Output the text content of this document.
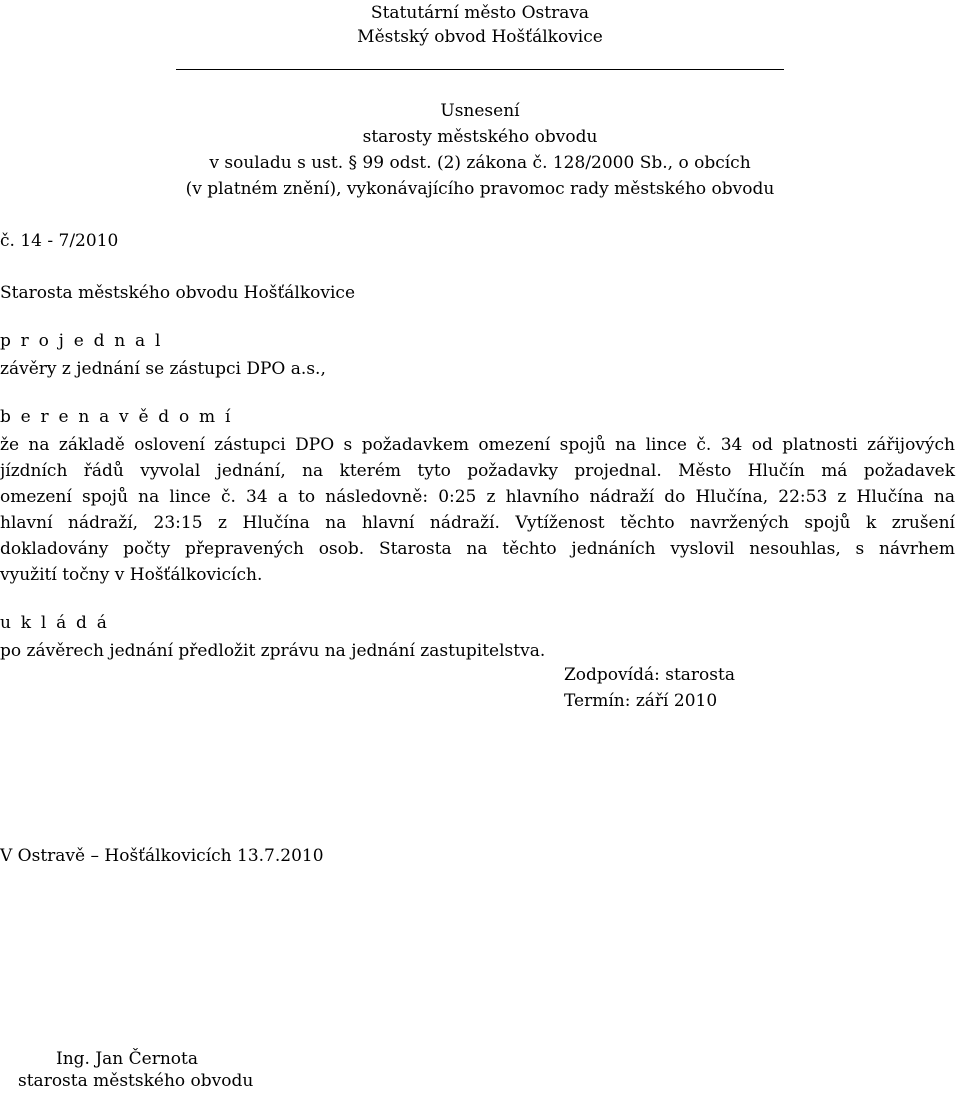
Statutární město Ostrava
Městský obvod Hošťálkovice
Usnesení
starosty městského obvodu
v souladu s ust. § 99 odst. (2) zákona č. 128/2000 Sb., o obcích
(v platném znění), vykonávajícího pravomoc rady městského obvodu
č. 14 - 7/2010
Starosta městského obvodu Hošťálkovice
p r o j e d n a l
závěry z jednání se zástupci DPO a.s.,
b e r e n a v ě d o m í
že na základě oslovení zástupci DPO s požadavkem omezení spojů na lince č. 34 od platnosti zářijových
jízdních řádů vyvolal jednání, na kterém tyto požadavky projednal. Město Hlučín má požadavek
omezení spojů na lince č. 34 a to následovně: 0:25 z hlavního nádraží do Hlučína, 22:53 z Hlučína na
hlavní nádraží, 23:15 z Hlučína na hlavní nádraží. Vytíženost těchto navržených spojů k zrušení
dokladovány počty přepravených osob. Starosta na těchto jednáních vyslovil nesouhlas, s návrhem
využití točny v Hošťálkovicích.
u k l á d á
po závěrech jednání předložit zprávu na jednání zastupitelstva.
Zodpovídá: starosta
Termín: září 2010
V Ostravě – Hošťálkovicích 13.7.2010
Ing. Jan Černota
starosta městského obvodu
